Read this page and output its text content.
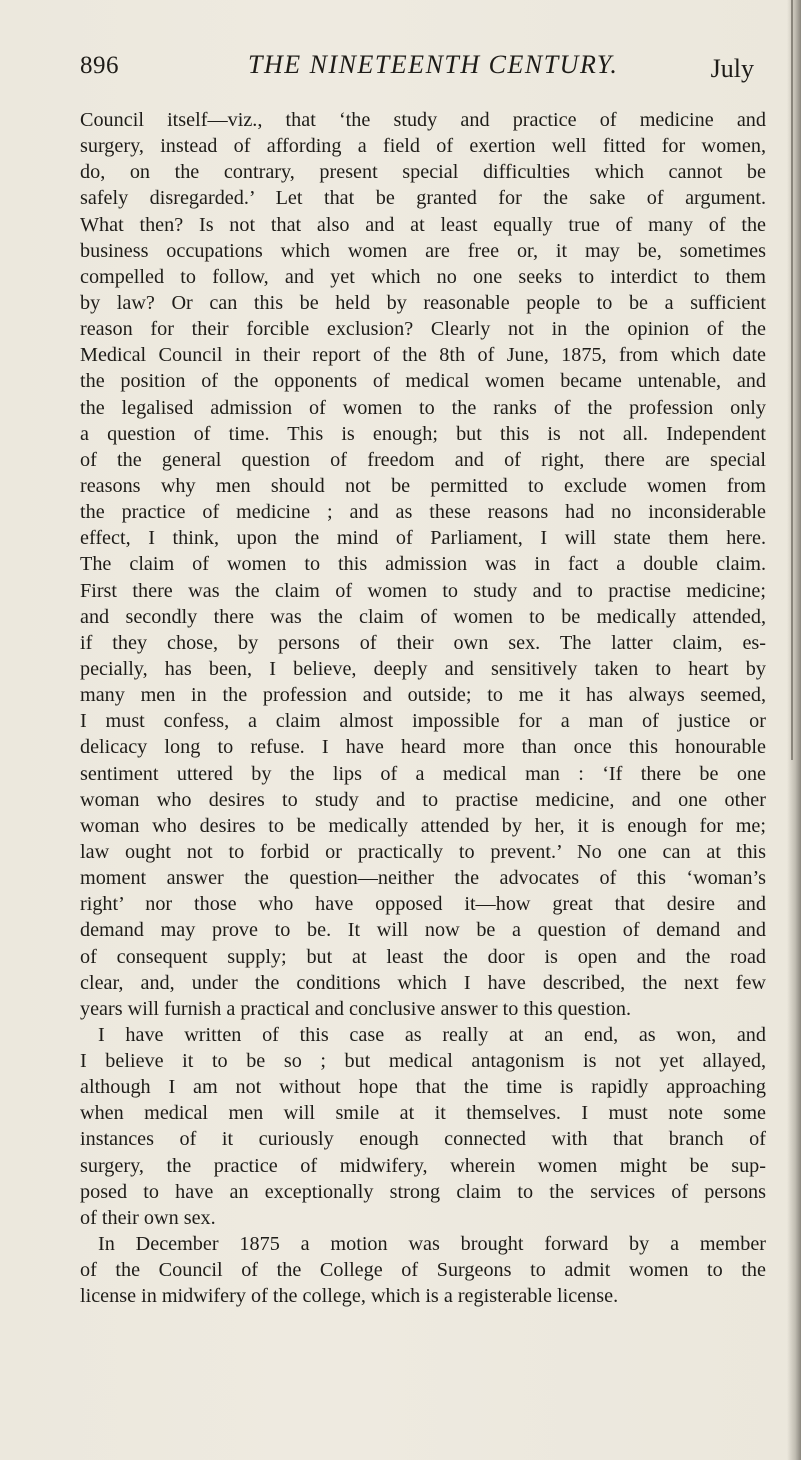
896	THE NINETEENTH CENTURY.	July
Council itself—viz., that ‘the study and practice of medicine and
surgery, instead of affording a field of exertion well fitted for women,
do, on the contrary, present special difficulties which cannot be
safely disregarded.’ Let that be granted for the sake of argument.
What then? Is not that also and at least equally true of many of the
business occupations which women are free or, it may be, sometimes
compelled to follow, and yet which no one seeks to interdict to them
by law? Or can this be held by reasonable people to be a sufficient
reason for their forcible exclusion? Clearly not in the opinion of the
Medical Council in their report of the 8th of June, 1875, from which date
the position of the opponents of medical women became untenable, and
the legalised admission of women to the ranks of the profession only
a question of time. This is enough; but this is not all. Independent
of the general question of freedom and of right, there are special
reasons why men should not be permitted to exclude women from
the practice of medicine ; and as these reasons had no inconsiderable
effect, I think, upon the mind of Parliament, I will state them here.
The claim of women to this admission was in fact a double claim.
First there was the claim of women to study and to practise medicine;
and secondly there was the claim of women to be medically attended,
if they chose, by persons of their own sex. The latter claim, es-
pecially, has been, I believe, deeply and sensitively taken to heart by
many men in the profession and outside; to me it has always seemed,
I must confess, a claim almost impossible for a man of justice or
delicacy long to refuse. I have heard more than once this honourable
sentiment uttered by the lips of a medical man : ‘If there be one
woman who desires to study and to practise medicine, and one other
woman who desires to be medically attended by her, it is enough for me;
law ought not to forbid or practically to prevent.’ No one can at this
moment answer the question—neither the advocates of this ‘woman’s
right’ nor those who have opposed it—how great that desire and
demand may prove to be. It will now be a question of demand and
of consequent supply; but at least the door is open and the road
clear, and, under the conditions which I have described, the next few
years will furnish a practical and conclusive answer to this question.
I have written of this case as really at an end, as won, and
I believe it to be so ; but medical antagonism is not yet allayed,
although I am not without hope that the time is rapidly approaching
when medical men will smile at it themselves. I must note some
instances of it curiously enough connected with that branch of
surgery, the practice of midwifery, wherein women might be sup-
posed to have an exceptionally strong claim to the services of persons
of their own sex.
In December 1875 a motion was brought forward by a member
of the Council of the College of Surgeons to admit women to the
license in midwifery of the college, which is a registerable license.
